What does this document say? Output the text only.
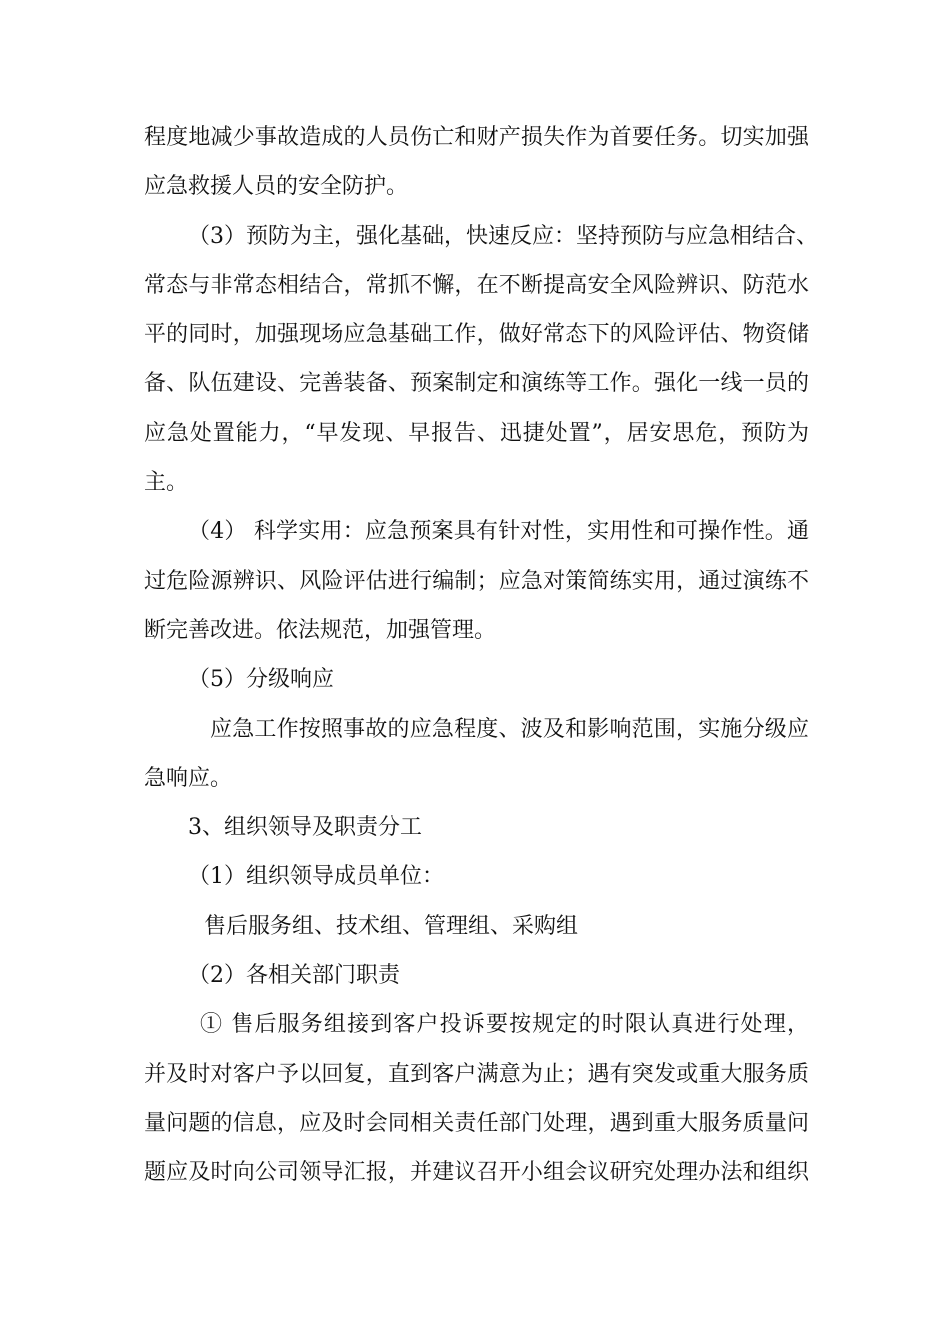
程度地减少事故造成的人员伤亡和财产损失作为首要任务。切实加强
应急救援人员的安全防护。
（3）预防为主，强化基础，快速反应：坚持预防与应急相结合、
常态与非常态相结合，常抓不懈，在不断提高安全风险辨识、防范水
平的同时，加强现场应急基础工作，做好常态下的风险评估、物资储
备、队伍建设、完善装备、预案制定和演练等工作。强化一线一员的
应急处置能力，“早发现、早报告、迅捷处置”，居安思危，预防为
主。
（4） 科学实用：应急预案具有针对性，实用性和可操作性。通
过危险源辨识、风险评估进行编制；应急对策简练实用，通过演练不
断完善改进。依法规范，加强管理。
（5）分级响应
应急工作按照事故的应急程度、波及和影响范围，实施分级应
急响应。
3、组织领导及职责分工
（1）组织领导成员单位：
售后服务组、技术组、管理组、采购组
（2）各相关部门职责
① 售后服务组接到客户投诉要按规定的时限认真进行处理，
并及时对客户予以回复，直到客户满意为止；遇有突发或重大服务质
量问题的信息，应及时会同相关责任部门处理，遇到重大服务质量问
题应及时向公司领导汇报，并建议召开小组会议研究处理办法和组织
